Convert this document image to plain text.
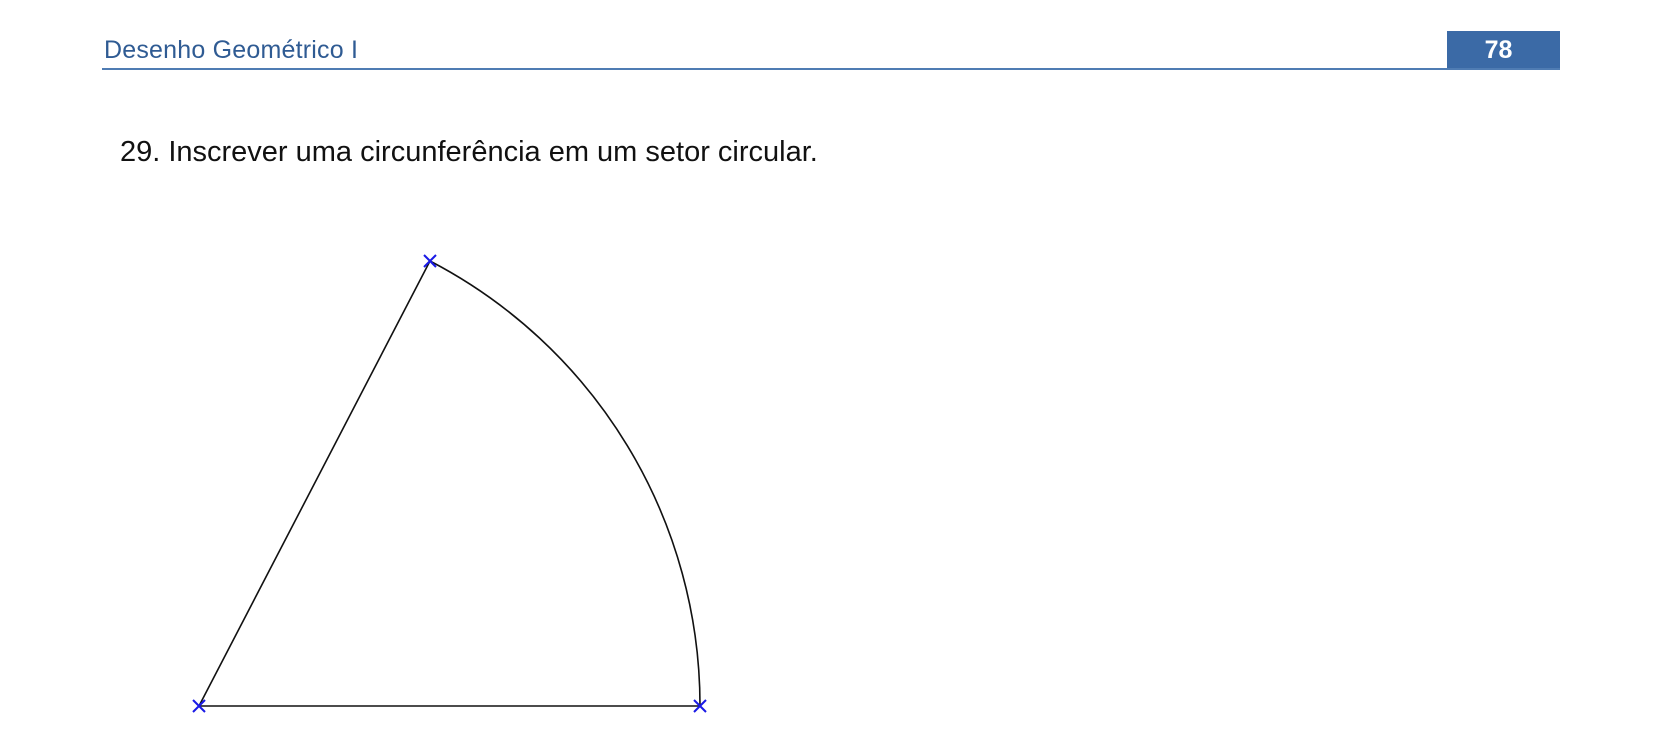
Desenho Geométrico I	78
29. Inscrever uma circunferência em um setor circular.
